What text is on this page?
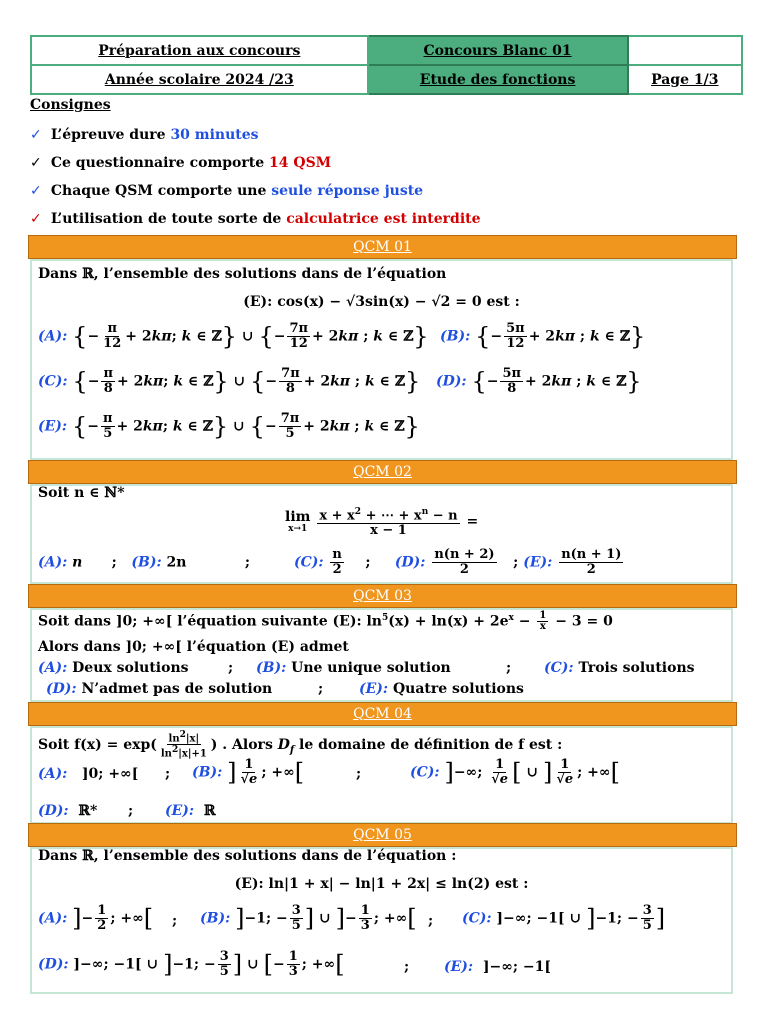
Préparation aux concours	Concours Blanc 01	
Année scolaire 2024 /23	Etude des fonctions	Page 1/3
Consignes
✓ L’épreuve dure 30 minutes
✓ Ce questionnaire comporte 14 QSM
✓ Chaque QSM comporte une seule réponse juste
✓ L’utilisation de toute sorte de calculatrice est interdite
QCM 01
Dans ℝ, l’ensemble des solutions dans de l’équation
(E): cos(x) − √3sin(x) − √2 = 0 est :
(A): {− $\frac{\pi}{12} + 2k\pi$; k ∈ ℤ} ∪ {− $\frac{7\pi}{12} + 2k\pi$ ; k ∈ ℤ} (B): {− $\frac{5\pi}{12} + 2k\pi$ ; k ∈ ℤ}
(C): {− $\frac{\pi}{8} + 2k\pi$; k ∈ ℤ} ∪ {− $\frac{7\pi}{8} + 2k\pi$ ; k ∈ ℤ} (D): {− $\frac{5\pi}{8} + 2k\pi$ ; k ∈ ℤ}
(E): {− $\frac{\pi}{5} + 2k\pi$; k ∈ ℤ} ∪ {− $\frac{7\pi}{5} + 2k\pi$ ; k ∈ ℤ}
QCM 02
Soit n ∈ ℕ*
lim
x→1
$\frac{x + x^2 + \cdots + x^n - n}{x - 1}$ =
(A): n      ;   (B): 2n            ;         (C): $\frac{n}{2}$ ;     (D): $\frac{n(n + 2)}{2}$ ; (E): $\frac{n(n + 1)}{2}$
QCM 03
Soit dans ]0; +∞[ l’équation suivante (E): $\ln^5(x) + \ln(x) + 2e^x - \frac{1}{x} - 3 = 0$
Alors dans ]0; +∞[ l’équation (E) admet
(A): Deux solutions	; (B): Une unique solution	; (C): Trois solutions
(D): N’admet pas de solution	;	(E): Quatre solutions
QCM 04
Soit $f(x) = \exp( \frac{\ln^2|x|}{\ln^2|x|+1}$ ) . Alors $D_f$ le domaine de définition de f est :
(A): ]0; +∞[ ; (B): ] $\frac{1}{√e}$ ; +∞[	;	(C): ]−∞; $\frac{1}{√e}$ [ ∪ ] $\frac{1}{√e}$ ; +∞[
(D): ℝ* ; (E): ℝ
QCM 05
Dans ℝ, l’ensemble des solutions dans de l’équation :
(E): ln|1 + x| − ln|1 + 2x| ≤ ln(2) est :
(A): ]− $\frac{1}{2}$ ; +∞[ ; (B): ]−1; − $\frac{3}{5}$ ] ∪ ]− $\frac{1}{3}$ ; +∞[ ; (C): ]−∞; −1[ ∪ ]−1; − $\frac{3}{5}$ ]
(D): ]−∞; −1[ ∪ ]−1; − $\frac{3}{5}$ ] ∪ [− $\frac{1}{3}$ ; +∞[	; (E): ]−∞; −1[
